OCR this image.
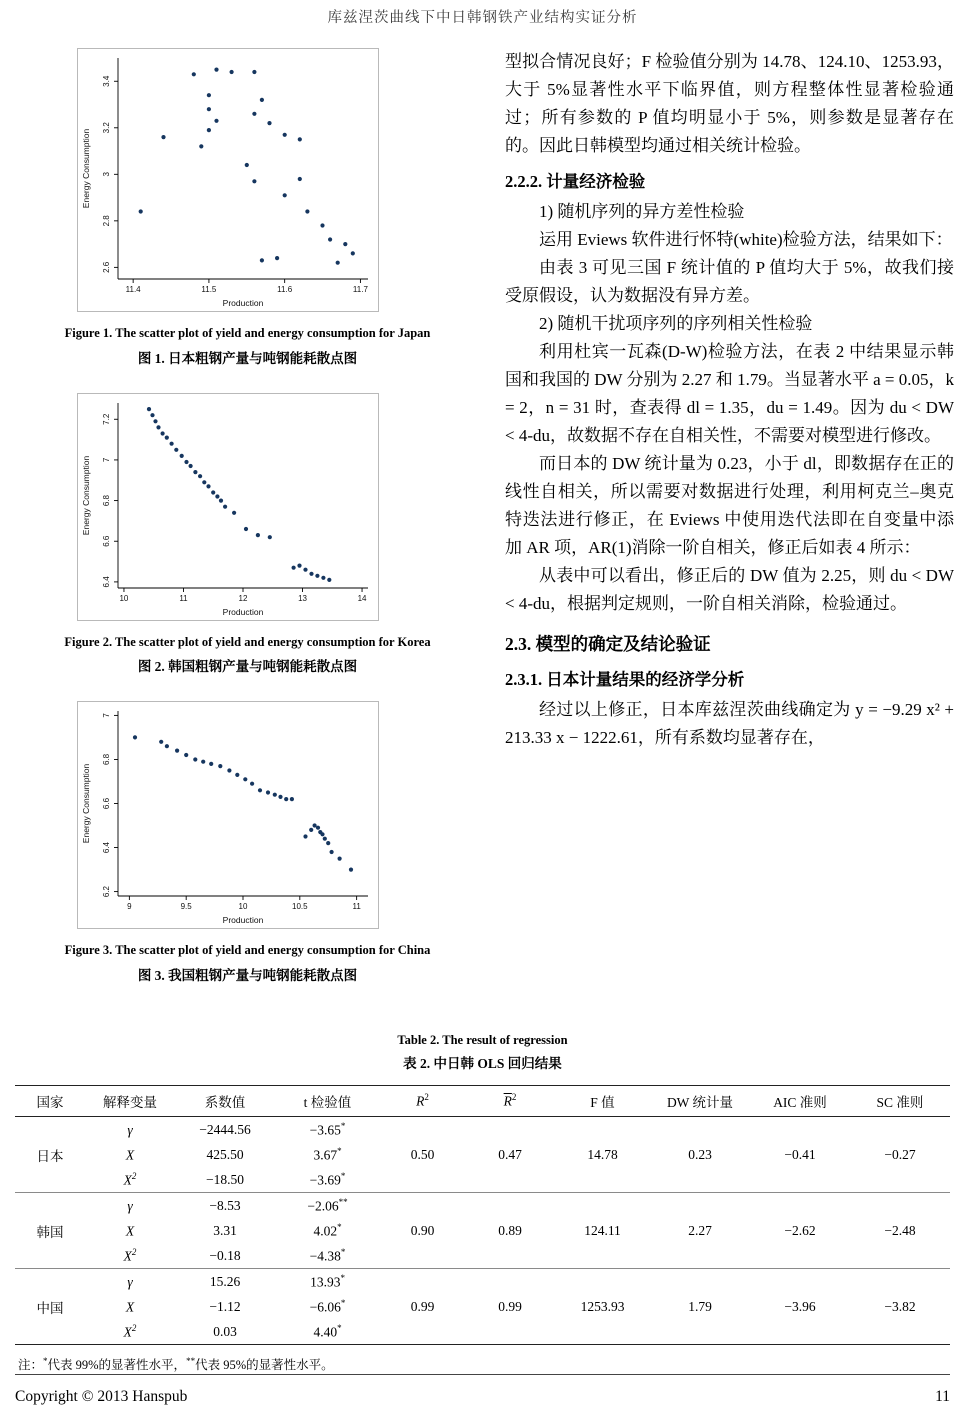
库兹涅茨曲线下中日韩钢铁产业结构实证分析
2.6
2.8
3
3.2
3.4
11.4	11.5	11.6	11.7
Production
Energy Consumption
Figure 1. The scatter plot of yield and energy consumption for Japan
图 1. 日本粗钢产量与吨钢能耗散点图
6.4
6.6
6.8
7
7.2
10	11	12	13	14
Production
Energy Consumption
Figure 2. The scatter plot of yield and energy consumption for Korea
图 2. 韩国粗钢产量与吨钢能耗散点图
6.2
6.4
6.6
6.8
7
9	9.5	10	10.5	11
Production
Energy Consumption
Figure 3. The scatter plot of yield and energy consumption for China
图 3. 我国粗钢产量与吨钢能耗散点图

型拟合情况良好；F 检验值分别为 14.78、124.10、1253.93，大于 5%显著性水平下临界值，则方程整体性显著检验通过；所有参数的 P 值均明显小于 5%，则参数是显著存在的。因此日韩模型均通过相关统计检验。

2.2.2. 计量经济检验

1) 随机序列的异方差性检验

运用 Eviews 软件进行怀特(white)检验方法，结果如下：

由表 3 可见三国 F 统计值的 P 值均大于 5%，故我们接受原假设，认为数据没有异方差。

2) 随机干扰项序列的序列相关性检验

利用杜宾一瓦森(D-W)检验方法，在表 2 中结果显示韩国和我国的 DW 分别为 2.27 和 1.79。当显著水平 a = 0.05，k = 2，n = 31 时，查表得 dl = 1.35，du = 1.49。因为 du < DW < 4-du，故数据不存在自相关性，不需要对模型进行修改。

而日本的 DW 统计量为 0.23，小于 dl，即数据存在正的线性自相关，所以需要对数据进行处理，利用柯克兰–奥克特迭法进行修正，在 Eviews 中使用迭代法即在自变量中添加 AR 项，AR(1)消除一阶自相关，修正后如表 4 所示：

从表中可以看出，修正后的 DW 值为 2.25，则 du < DW < 4-du，根据判定规则，一阶自相关消除，检验通过。

2.3. 模型的确定及结论验证
2.3.1. 日本计量结果的经济学分析

经过以上修正，日本库兹涅茨曲线确定为 y = −9.29 x² + 213.33 x − 1222.61，所有系数均显著存在，

Table 2. The result of regression
表 2. 中日韩 OLS 回归结果
国家	解释变量	系数值	t 检验值	$R^2$	$\overline{R}^2$	F 值	DW 统计量	AIC 准则	SC 准则
日本	γ	−2444.56	−3.65*	0.50	0.47	14.78	0.23	−0.41	−0.27
	X	425.50	3.67*
	$X^2$	−18.50	−3.69*
韩国	γ	−8.53	−2.06**	0.90	0.89	124.11	2.27	−2.62	−2.48
	X	3.31	4.02*
	$X^2$	−0.18	−4.38*
中国	γ	15.26	13.93*	0.99	0.99	1253.93	1.79	−3.96	−3.82
	X	−1.12	−6.06*
	$X^2$	0.03	4.40*
注：*代表 99%的显著性水平，**代表 95%的显著性水平。
Copyright © 2013 Hanspub	11
